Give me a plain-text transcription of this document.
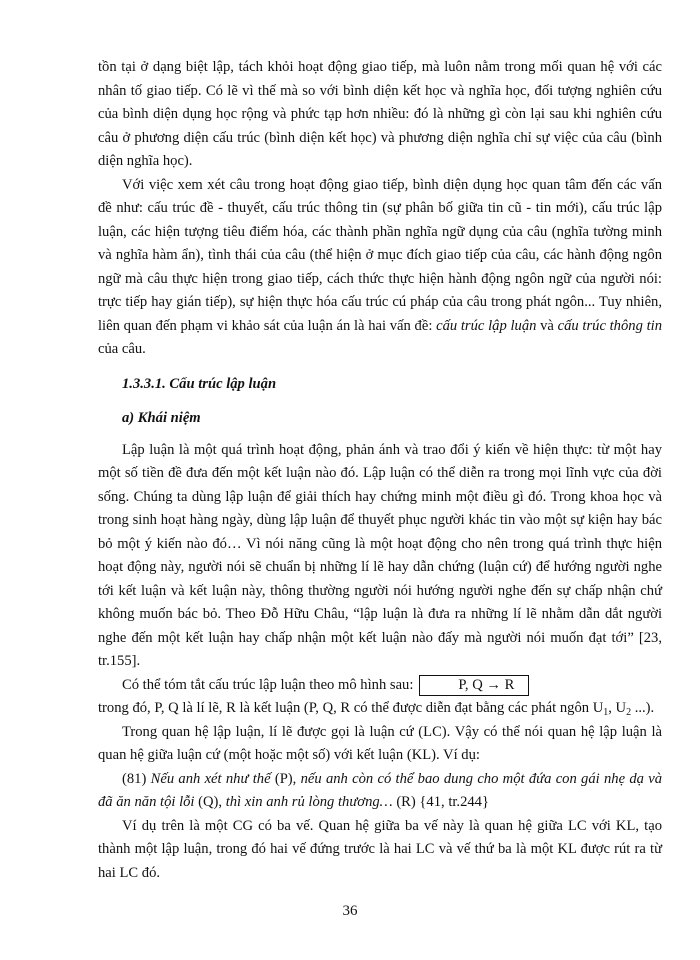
tồn tại ở dạng biệt lập, tách khỏi hoạt động giao tiếp, mà luôn nằm trong mối quan hệ với các nhân tố giao tiếp. Có lẽ vì thế mà so với bình diện kết học và nghĩa học, đối tượng nghiên cứu của bình diện dụng học rộng và phức tạp hơn nhiều: đó là những gì còn lại sau khi nghiên cứu câu ở phương diện cấu trúc (bình diện kết học) và phương diện nghĩa chỉ sự việc của câu (bình diện nghĩa học).

Với việc xem xét câu trong hoạt động giao tiếp, bình diện dụng học quan tâm đến các vấn đề như: cấu trúc đề - thuyết, cấu trúc thông tin (sự phân bố giữa tin cũ - tin mới), cấu trúc lập luận, các hiện tượng tiêu điểm hóa, các thành phần nghĩa ngữ dụng của câu (nghĩa tường minh và nghĩa hàm ẩn), tình thái của câu (thể hiện ở mục đích giao tiếp của câu, các hành động ngôn ngữ mà câu thực hiện trong giao tiếp, cách thức thực hiện hành động ngôn ngữ của người nói: trực tiếp hay gián tiếp), sự hiện thực hóa cấu trúc cú pháp của câu trong phát ngôn... Tuy nhiên, liên quan đến phạm vi khảo sát của luận án là hai vấn đề: cấu trúc lập luận và cấu trúc thông tin của câu.

1.3.3.1. Cấu trúc lập luận

a) Khái niệm

Lập luận là một quá trình hoạt động, phản ánh và trao đổi ý kiến về hiện thực: từ một hay một số tiền đề đưa đến một kết luận nào đó. Lập luận có thể diễn ra trong mọi lĩnh vực của đời sống. Chúng ta dùng lập luận để giải thích hay chứng minh một điều gì đó. Trong khoa học và trong sinh hoạt hàng ngày, dùng lập luận để thuyết phục người khác tin vào một sự kiện hay bác bỏ một ý kiến nào đó… Vì nói năng cũng là một hoạt động cho nên trong quá trình thực hiện hoạt động này, người nói sẽ chuẩn bị những lí lẽ hay dẫn chứng (luận cứ) để hướng người nghe tới kết luận và kết luận này, thông thường người nói hướng người nghe đến sự chấp nhận chứ không muốn bác bỏ. Theo Đỗ Hữu Châu, “lập luận là đưa ra những lí lẽ nhằm dẫn dắt người nghe đến một kết luận hay chấp nhận một kết luận nào đấy mà người nói muốn đạt tới” [23, tr.155].

Có thể tóm tắt cấu trúc lập luận theo mô hình sau:	P, Q → R

trong đó, P, Q là lí lẽ, R là kết luận (P, Q, R có thể được diễn đạt bằng các phát ngôn $U_1$, $U_2$ ...).

Trong quan hệ lập luận, lí lẽ được gọi là luận cứ (LC). Vậy có thể nói quan hệ lập luận là quan hệ giữa luận cứ (một hoặc một số) với kết luận (KL). Ví dụ:

(81) Nếu anh xét như thế (P), nếu anh còn có thể bao dung cho một đứa con gái nhẹ dạ và đã ăn năn tội lỗi (Q), thì xin anh rủ lòng thương… (R) {41, tr.244}

Ví dụ trên là một CG có ba vế. Quan hệ giữa ba vế này là quan hệ giữa LC với KL, tạo thành một lập luận, trong đó hai vế đứng trước là hai LC và vế thứ ba là một KL được rút ra từ hai LC đó.

36
